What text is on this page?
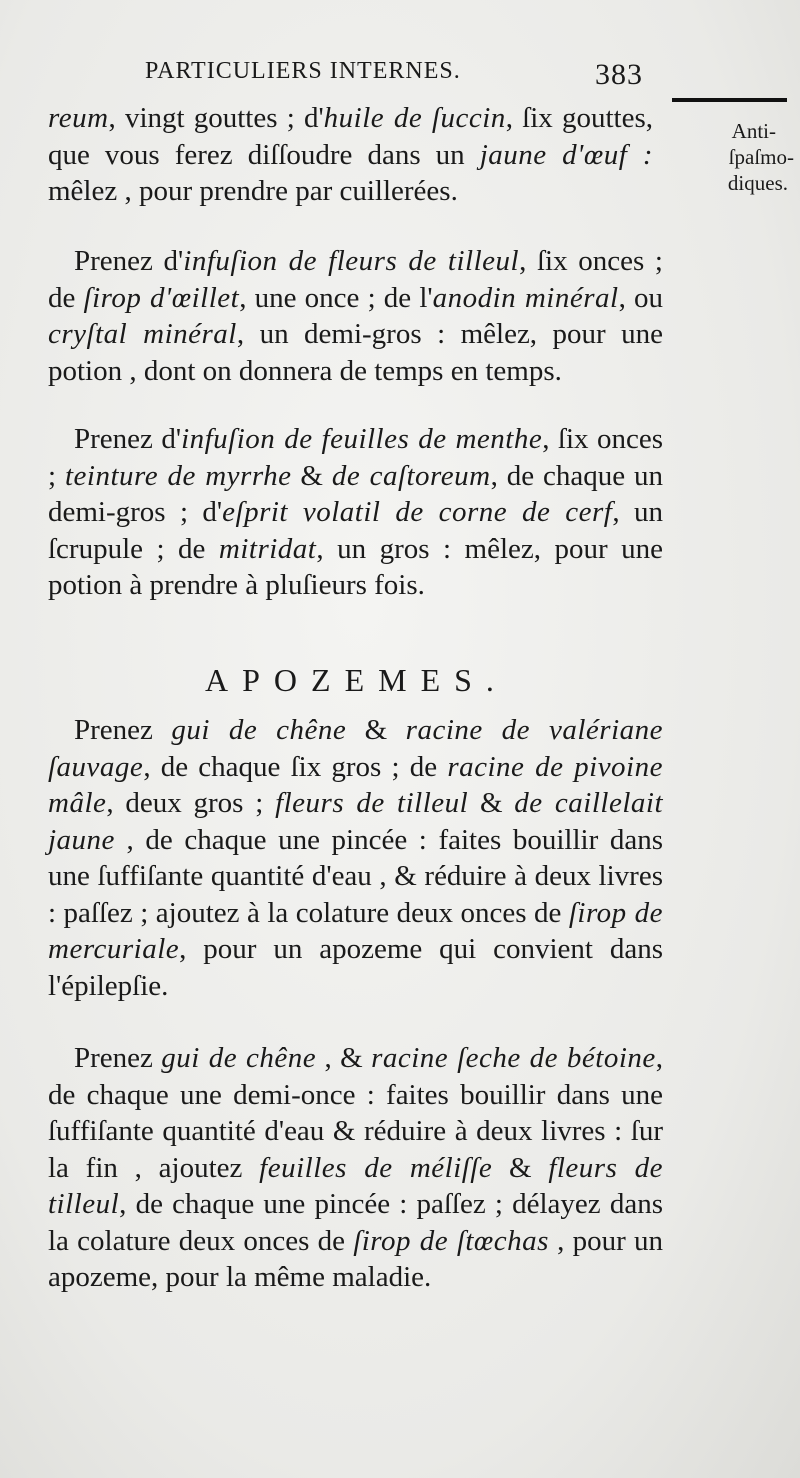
PARTICULIERS INTERNES.	383
Anti-
ſpaſmo-
diques.
reum, vingt gouttes ; d'huile de ſuccin, ſix gouttes, que vous ferez diſſoudre dans un jaune d'œuf : mêlez , pour prendre par cuillerées.
Prenez d'infuſion de fleurs de tilleul, ſix onces ; de ſirop d'œillet, une once ; de l'anodin minéral, ou cryſtal minéral, un demi-gros : mêlez, pour une potion , dont on donnera de temps en temps.
Prenez d'infuſion de feuilles de menthe, ſix onces ; teinture de myrrhe & de caſtoreum, de chaque un demi-gros ; d'eſprit volatil de corne de cerf, un ſcrupule ; de mitridat, un gros : mêlez, pour une potion à prendre à pluſieurs fois.
APOZEMES.
Prenez gui de chêne & racine de valériane ſauvage, de chaque ſix gros ; de racine de pivoine mâle, deux gros ; fleurs de tilleul & de caillelait jaune , de chaque une pincée : faites bouillir dans une ſuffiſante quantité d'eau , & réduire à deux livres : paſſez ; ajoutez à la colature deux onces de ſirop de mercuriale, pour un apozeme qui convient dans l'épilepſie.
Prenez gui de chêne , & racine ſeche de bétoine, de chaque une demi-once : faites bouillir dans une ſuffiſante quantité d'eau & réduire à deux livres : ſur la fin , ajoutez feuilles de méliſſe & fleurs de tilleul, de chaque une pincée : paſſez ; délayez dans la colature deux onces de ſirop de ſtœchas , pour un apozeme, pour la même maladie.
